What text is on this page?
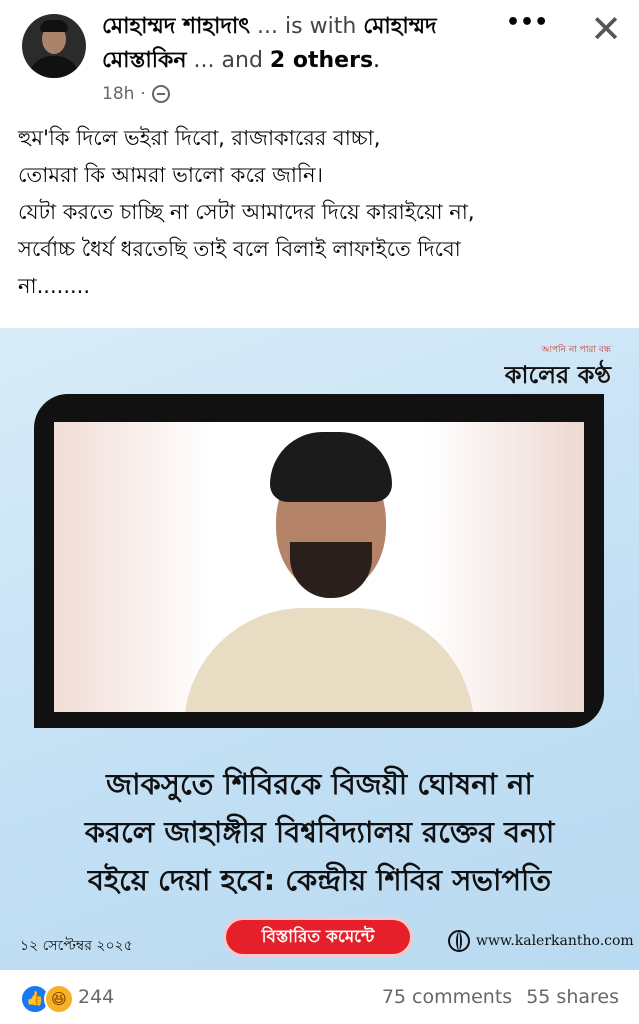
মোহাম্মদ শাহাদাৎ ... is with মোহাম্মদ
মোস্তাকিন ... and 2 others.
••• ✕
18h ·

হুম'কি দিলে ভইরা দিবো, রাজাকারের বাচ্চা,

তোমরা কি আমরা ভালো করে জানি।

যেটা করতে চাচ্ছি না সেটা আমাদের দিয়ে কারাইয়ো না,

সর্বোচ্চ ধৈর্য ধরতেছি তাই বলে বিলাই লাফাইতে দিবো

না........

আপনি না পারা বন্ধ
কালের কণ্ঠ

জাকসুতে শিবিরকে বিজয়ী ঘোষনা না

করলে জাহাঙ্গীর বিশ্ববিদ্যালয় রক্তের বন্যা

বইয়ে দেয়া হবে: কেন্দ্রীয় শিবির সভাপতি

১২ সেপ্টেম্বর ২০২৫	বিস্তারিত কমেন্টে	www.kalerkantho.com
👍 😆 244	75 comments 55 shares
